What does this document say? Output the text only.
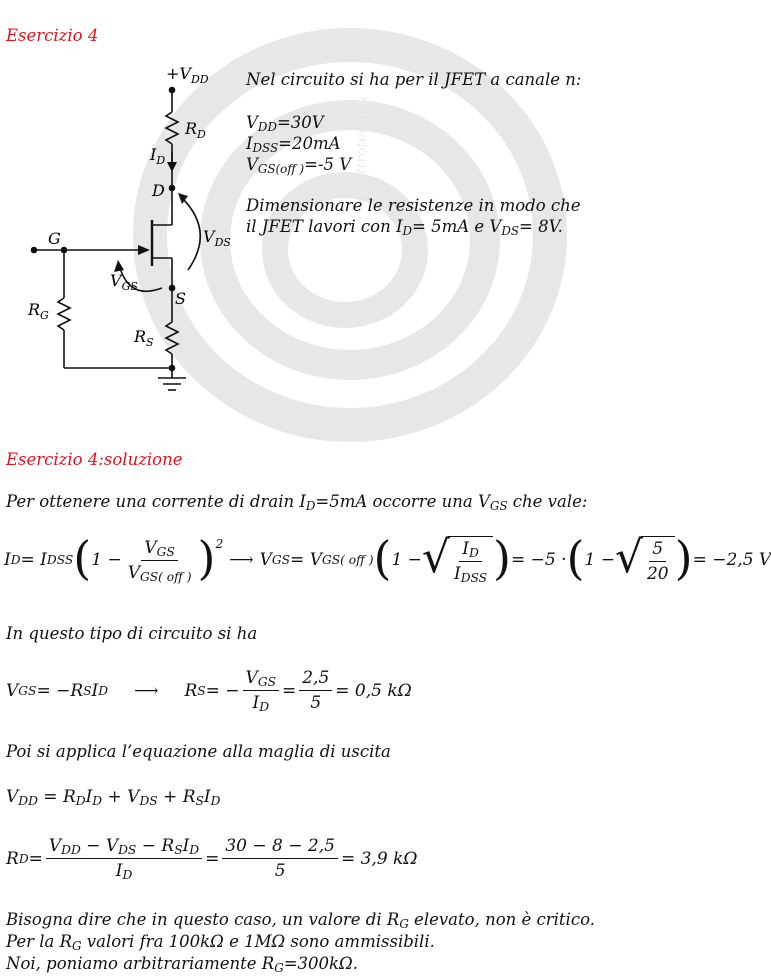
elettrotecnica
Esercizio 4
$+V_{DD}$
$R_D$
$I_D$
D
G	$V_{DS}$
$V_{GS}$
S
$R_G$
$R_S$
Nel circuito si ha per il JFET a canale n:
$V_{DD}=30V$
$I_{DSS}=20mA$
$V_{GS(off )}=-5$ V
Dimensionare le resistenze in modo che
il JFET lavori con $I_D= 5mA$ e $V_{DS}= 8V$.
Esercizio 4:soluzione
Per ottenere una corrente di drain $I_D=5mA$ occorre una $V_{GS}$ che vale:
I D = I DSS ( $1 - \frac{V_{GS}}{V_{GS( off )}} )^2$
⟶ V GS = V GS( off ) ( 1 − √ $\frac{I_D}{I_{DSS}}$ ) = −5 · ( 1 − √ $\frac{5}{20}$ ) = −2,5 V
In questo tipo di circuito si ha
V GS = −R S I D ⟶ R S = − $\frac{V_{GS}}{I_D} = \frac{2,5}{5} = 0,5$ kΩ
Poi si applica l’equazione alla maglia di uscita
$V_{DD} = R_DI_D + V_{DS} + R_SI_D$
R $D = \frac{V_{DD} - V_{DS} - R_SI_D}{I_D} = \frac{30 - 8 - 2,5}{5} = 3,9$ kΩ
Bisogna dire che in questo caso, un valore di $R_G$ elevato, non è critico.
Per la $R_G$ valori fra 100kΩ e 1MΩ sono ammissibili.
Noi, poniamo arbitrariamente $R_G=300k\Omega$.
